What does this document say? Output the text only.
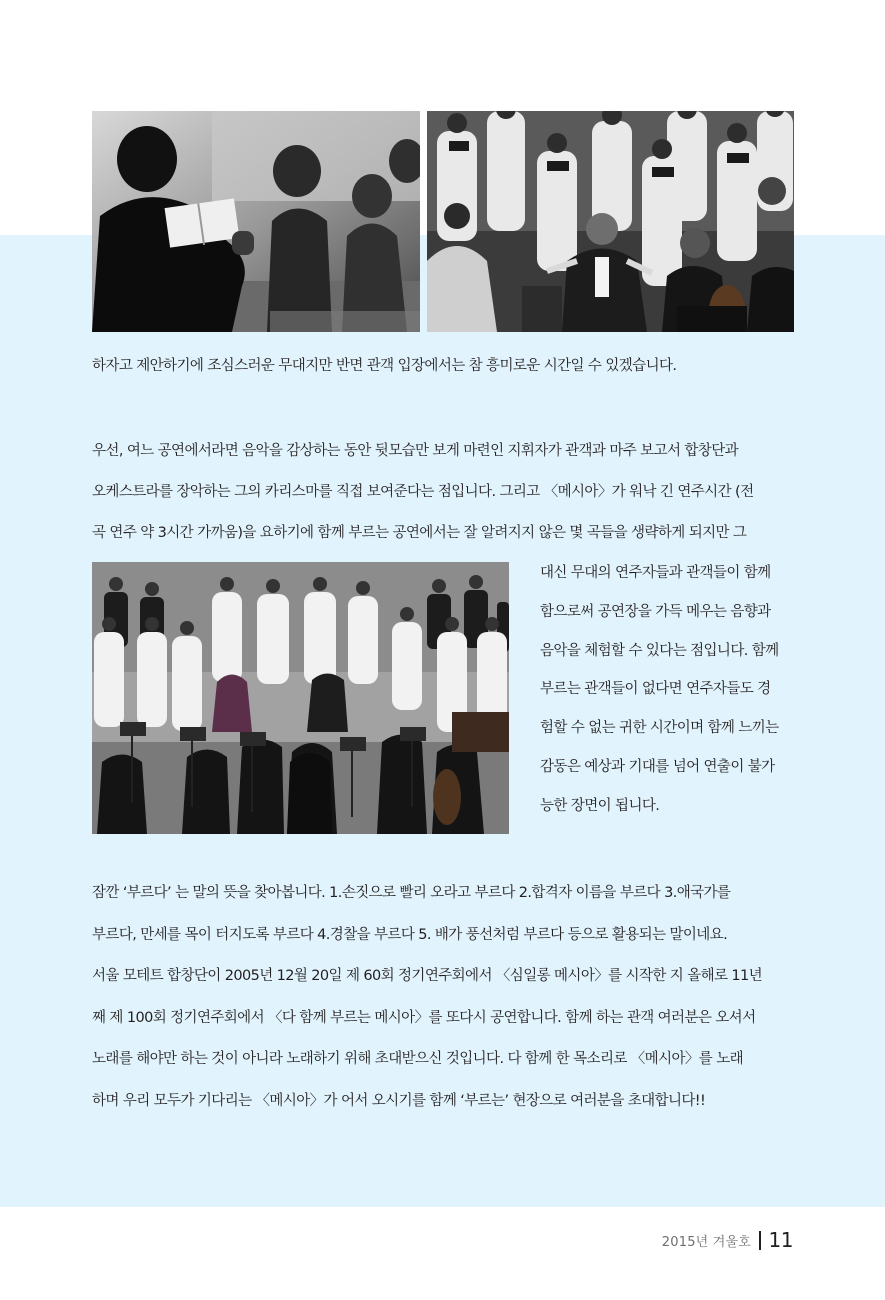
하자고 제안하기에 조심스러운 무대지만 반면 관객 입장에서는 참 흥미로운 시간일 수 있겠습니다.

우선, 여느 공연에서라면 음악을 감상하는 동안 뒷모습만 보게 마련인 지휘자가 관객과 마주 보고서 합창단과
오케스트라를 장악하는 그의 카리스마를 직접 보여준다는 점입니다. 그리고 〈메시아〉가 워낙 긴 연주시간 (전
곡 연주 약 3시간 가까움)을 요하기에 함께 부르는 공연에서는 잘 알려지지 않은 몇 곡들을 생략하게 되지만 그

대신 무대의 연주자들과 관객들이 함께
함으로써 공연장을 가득 메우는 음향과
음악을 체험할 수 있다는 점입니다. 함께
부르는 관객들이 없다면 연주자들도 경
험할 수 없는 귀한 시간이며 함께 느끼는
감동은 예상과 기대를 넘어 연출이 불가
능한 장면이 됩니다.

잠깐 ‘부르다’ 는 말의 뜻을 찾아봅니다. 1.손짓으로 빨리 오라고 부르다 2.합격자 이름을 부르다 3.애국가를
부르다, 만세를 목이 터지도록 부르다 4.경찰을 부르다 5. 배가 풍선처럼 부르다 등으로 활용되는 말이네요.
서울 모테트 합창단이 2005년 12월 20일 제 60회 정기연주회에서 〈심일롱 메시아〉를 시작한 지 올해로 11년
째 제 100회 정기연주회에서 〈다 함께 부르는 메시아〉를 또다시 공연합니다. 함께 하는 관객 여러분은 오셔서
노래를 해야만 하는 것이 아니라 노래하기 위해 초대받으신 것입니다. 다 함께 한 목소리로 〈메시아〉를 노래
하며 우리 모두가 기다리는 〈메시아〉가 어서 오시기를 함께 ‘부르는’ 현장으로 여러분을 초대합니다!!

2015년 겨울호 11
